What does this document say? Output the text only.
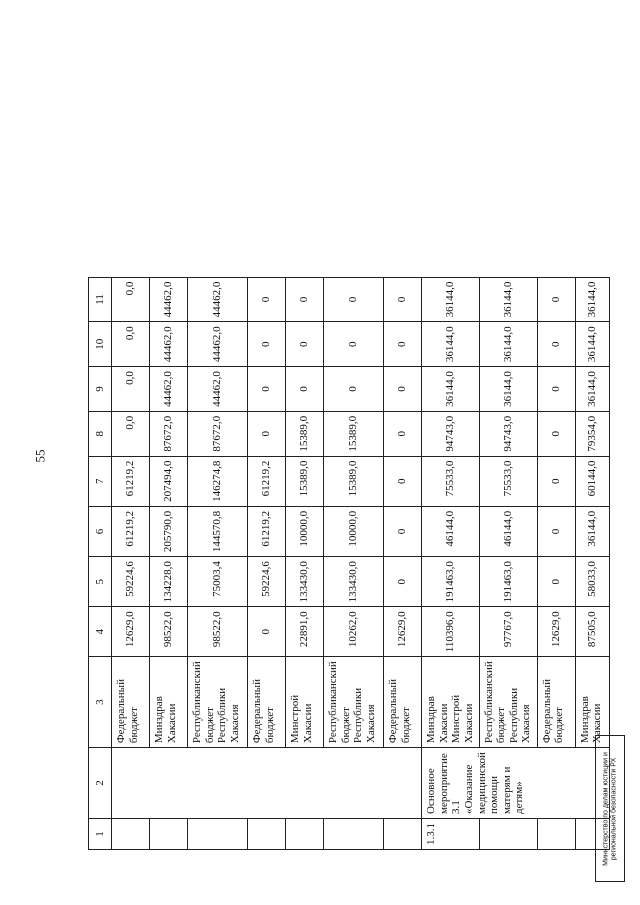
55
1	2	3	4	5	6	7	8	9	10	11
		Федеральный бюджет	12629,0	59224,6	61219,2	61219,2	0,0	0,0	0,0	0,0
		Минздрав Хакасии	98522,0	134228,0	205790,0	207494,0	87672,0	44462,0	44462,0	44462,0
		Республиканский бюджет Республики Хакасия	98522,0	75003,4	144570,8	146274,8	87672,0	44462,0	44462,0	44462,0
		Федеральный бюджет	0	59224,6	61219,2	61219,2	0	0	0	0
		Минстрой Хакасии	22891,0	133430,0	10000,0	15389,0	15389,0	0	0	0
		Республиканский бюджет Республики Хакасия	10262,0	133430,0	10000,0	15389,0	15389,0	0	0	0
		Федеральный бюджет	12629,0	0	0	0	0	0	0	0
1.3.1	Основное мероприятие 3.1 «Оказание медицинской помощи матерям и детям»	Минздрав Хакасии Минстрой Хакасии	110396,0	191463,0	46144,0	75533,0	94743,0	36144,0	36144,0	36144,0
		Республиканский бюджет Республики Хакасия	97767,0	191463,0	46144,0	75533,0	94743,0	36144,0	36144,0	36144,0
		Федеральный бюджет	12629,0	0	0	0	0	0	0	0
		Минздрав Хакасии	87505,0	58033,0	36144,0	60144,0	79354,0	36144,0	36144,0	36144,0
Министерство по делам юстиции и региональной безопасности РХ
